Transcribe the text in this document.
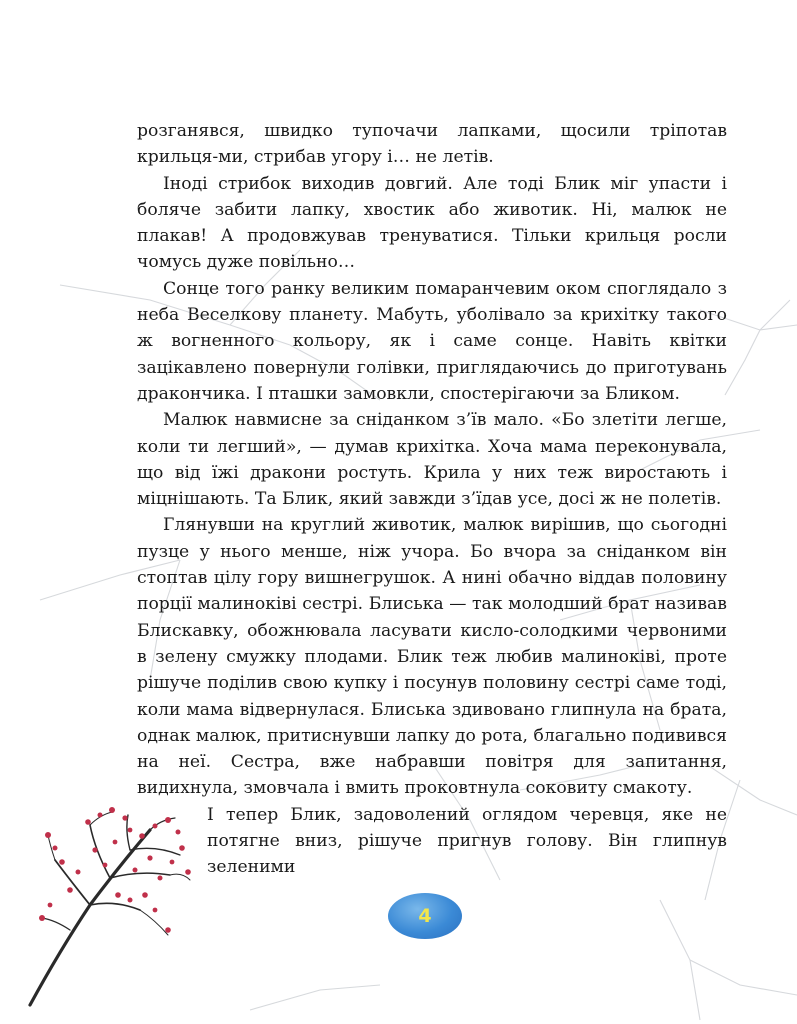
розганявся, швидко тупочачи лапками, щосили тріпотав крильця-ми, стрибав угору і… не летів.

Іноді стрибок виходив довгий. Але тоді Блик міг упасти і боляче забити лапку, хвостик або животик. Ні, малюк не плакав! А продовжував тренуватися. Тільки крильця росли чомусь дуже повільно…

Сонце того ранку великим помаранчевим оком споглядало з неба Веселкову планету. Мабуть, уболівало за крихітку такого ж вогненного кольору, як і саме сонце. Навіть квітки зацікавлено повернули голівки, приглядаючись до приготувань дракончика. І пташки замовкли, спостерігаючи за Бликом.

Малюк навмисне за сніданком з’їв мало. «Бо злетіти легше, коли ти легший», — думав крихітка. Хоча мама переконувала, що від їжі дракони ростуть. Крила у них теж виростають і міцнішають. Та Блик, який завжди з’їдав усе, досі ж не полетів.

Глянувши на круглий животик, малюк вирішив, що сьогодні пузце у нього менше, ніж учора. Бо вчора за сніданком він стоптав цілу гору вишнегрушок. А нині обачно віддав половину порції малиноківі сестрі. Блиська — так молодший брат називав Блискавку, обожнювала ласувати кисло-солодкими червоними в зелену смужку плодами. Блик теж любив малиноківі, проте рішуче поділив свою купку і посунув половину сестрі саме тоді, коли мама відвернулася. Блиська здивовано глипнула на брата, однак малюк, притиснувши лапку до рота, благально подивився на неї. Сестра, вже набравши повітря для запитання, видихнула, змовчала і вмить проковтнула соковиту смакоту.

І тепер Блик, задоволений оглядом черевця, яке не потягне вниз, рішуче пригнув голову. Він глипнув зеленими

4
